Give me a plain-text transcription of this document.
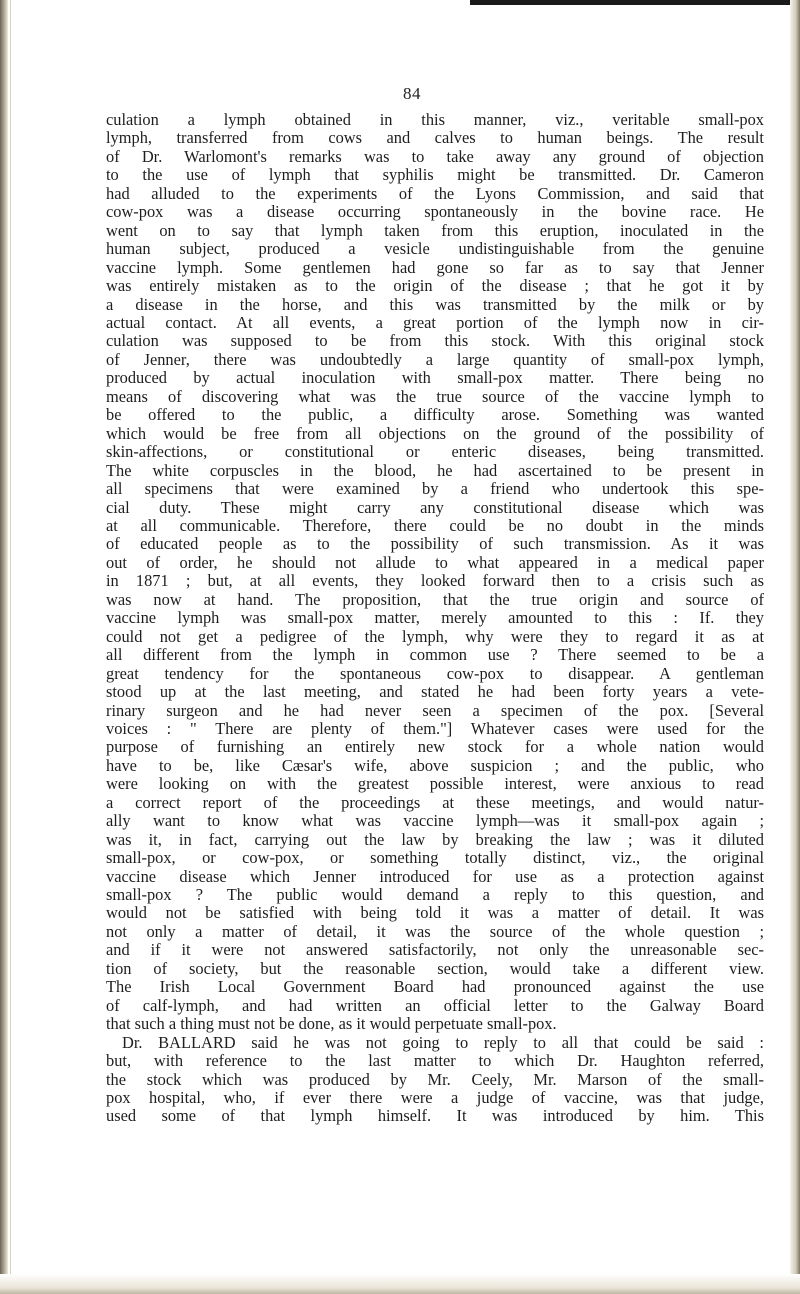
84
culation a lymph obtained in this manner, viz., veritable small-pox
lymph, transferred from cows and calves to human beings. The result
of Dr. Warlomont's remarks was to take away any ground of objection
to the use of lymph that syphilis might be transmitted. Dr. Cameron
had alluded to the experiments of the Lyons Commission, and said that
cow-pox was a disease occurring spontaneously in the bovine race. He
went on to say that lymph taken from this eruption, inoculated in the
human subject, produced a vesicle undistinguishable from the genuine
vaccine lymph. Some gentlemen had gone so far as to say that Jenner
was entirely mistaken as to the origin of the disease ; that he got it by
a disease in the horse, and this was transmitted by the milk or by
actual contact. At all events, a great portion of the lymph now in cir-
culation was supposed to be from this stock. With this original stock
of Jenner, there was undoubtedly a large quantity of small-pox lymph,
produced by actual inoculation with small-pox matter. There being no
means of discovering what was the true source of the vaccine lymph to
be offered to the public, a difficulty arose. Something was wanted
which would be free from all objections on the ground of the possibility of
skin-affections, or constitutional or enteric diseases, being transmitted.
The white corpuscles in the blood, he had ascertained to be present in
all specimens that were examined by a friend who undertook this spe-
cial duty. These might carry any constitutional disease which was
at all communicable. Therefore, there could be no doubt in the minds
of educated people as to the possibility of such transmission. As it was
out of order, he should not allude to what appeared in a medical paper
in 1871 ; but, at all events, they looked forward then to a crisis such as
was now at hand. The proposition, that the true origin and source of
vaccine lymph was small-pox matter, merely amounted to this : If. they
could not get a pedigree of the lymph, why were they to regard it as at
all different from the lymph in common use ? There seemed to be a
great tendency for the spontaneous cow-pox to disappear. A gentleman
stood up at the last meeting, and stated he had been forty years a vete-
rinary surgeon and he had never seen a specimen of the pox. [Several
voices : " There are plenty of them."] Whatever cases were used for the
purpose of furnishing an entirely new stock for a whole nation would
have to be, like Cæsar's wife, above suspicion ; and the public, who
were looking on with the greatest possible interest, were anxious to read
a correct report of the proceedings at these meetings, and would natur-
ally want to know what was vaccine lymph—was it small-pox again ;
was it, in fact, carrying out the law by breaking the law ; was it diluted
small-pox, or cow-pox, or something totally distinct, viz., the original
vaccine disease which Jenner introduced for use as a protection against
small-pox ? The public would demand a reply to this question, and
would not be satisfied with being told it was a matter of detail. It was
not only a matter of detail, it was the source of the whole question ;
and if it were not answered satisfactorily, not only the unreasonable sec-
tion of society, but the reasonable section, would take a different view.
The Irish Local Government Board had pronounced against the use
of calf-lymph, and had written an official letter to the Galway Board
that such a thing must not be done, as it would perpetuate small-pox.
Dr. BALLARD said he was not going to reply to all that could be said :
but, with reference to the last matter to which Dr. Haughton referred,
the stock which was produced by Mr. Ceely, Mr. Marson of the small-
pox hospital, who, if ever there were a judge of vaccine, was that judge,
used some of that lymph himself. It was introduced by him. This
